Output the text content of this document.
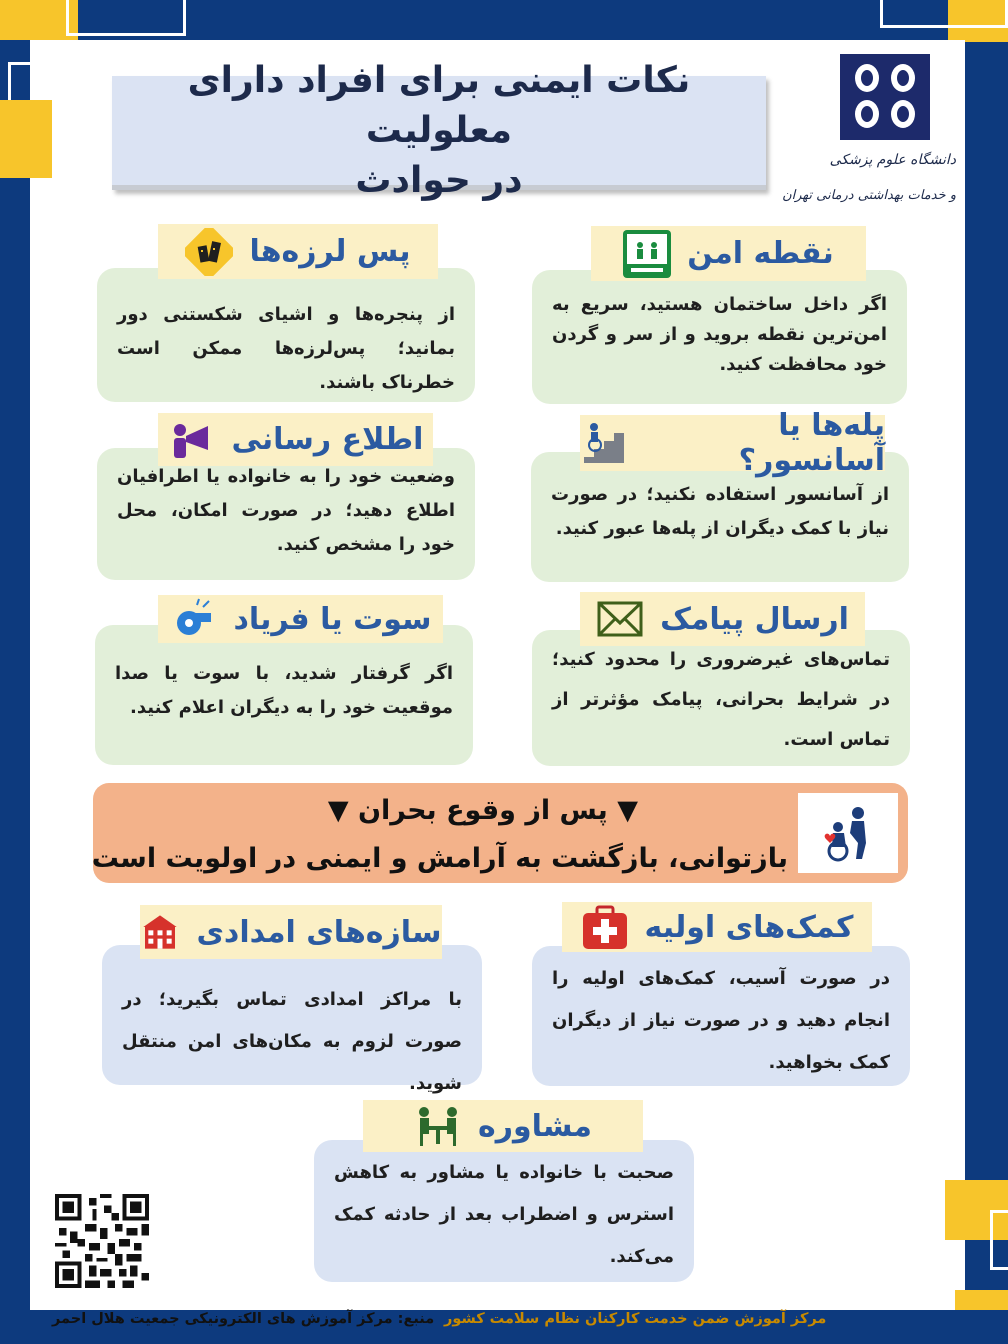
نکات ایمنی برای افراد دارای معلولیت
در حوادث	دانشگاه علوم پزشکی
و خدمات بهداشتی درمانی تهران
از پنجره‌ها و اشیای شکستنی دور بمانید؛ پس‌لرزه‌ها ممکن است خطرناک باشند.
پس لرزه‌ها
اگر داخل ساختمان هستید، سریع به امن‌ترین نقطه بروید و از سر و گردن خود محافظت کنید.
نقطه امن
وضعیت خود را به خانواده یا اطرافیان اطلاع دهید؛ در صورت امکان، محل خود را مشخص کنید.
اطلاع رسانی
از آسانسور استفاده نکنید؛ در صورت نیاز با کمک دیگران از پله‌ها عبور کنید.
پله‌ها یا آسانسور؟
اگر گرفتار شدید، با سوت یا صدا موقعیت خود را به دیگران اعلام کنید.
سوت یا فریاد
تماس‌های غیرضروری را محدود کنید؛ در شرایط بحرانی، پیامک مؤثرتر از تماس است.
ارسال پیامک
▼ پس از وقوع بحران ▼
بازتوانی، بازگشت به آرامش و ایمنی در اولویت است
با مراکز امدادی تماس بگیرید؛ در صورت لزوم به مکان‌های امن منتقل شوید.
سازه‌های امدادی
در صورت آسیب، کمک‌های اولیه را انجام دهید و در صورت نیاز از دیگران کمک بخواهید.
کمک‌های اولیه
صحبت با خانواده یا مشاور به کاهش استرس و اضطراب بعد از حادثه کمک می‌کند.
مشاوره
منبع: مرکز آموزش های الکترونیکی جمعیت هلال احمر مرکز آموزش ضمن خدمت کارکنان نظام سلامت کشور
